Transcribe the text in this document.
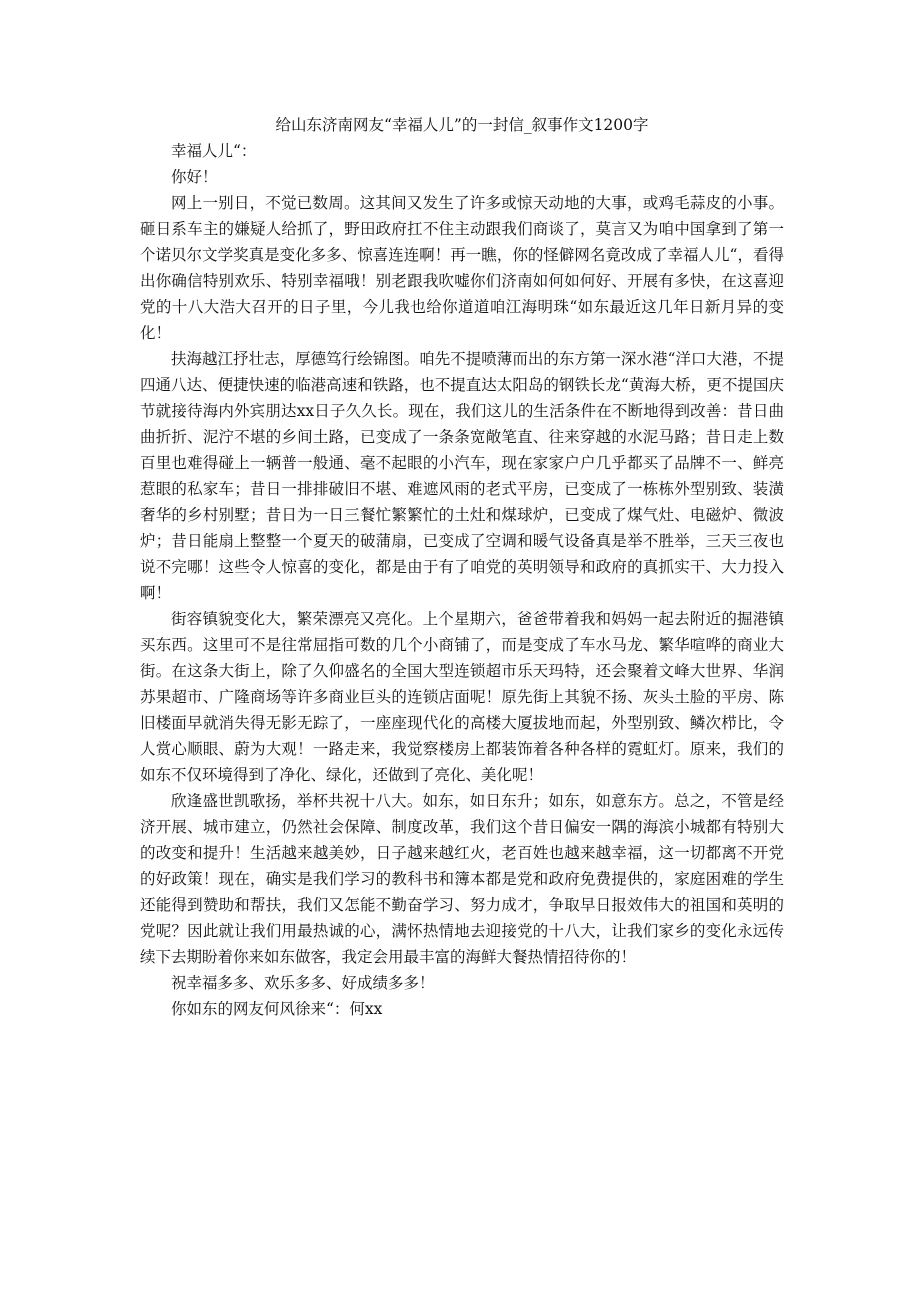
给山东济南网友“幸福人儿”的一封信_叙事作文1200字

幸福人儿“：

你好！

网上一别日，不觉已数周。这其间又发生了许多或惊天动地的大事，或鸡毛蒜皮的小事。砸日系车主的嫌疑人给抓了，野田政府扛不住主动跟我们商谈了，莫言又为咱中国拿到了第一个诺贝尔文学奖真是变化多多、惊喜连连啊！再一瞧，你的怪僻网名竟改成了幸福人儿“，看得出你确信特别欢乐、特别幸福哦！别老跟我吹嘘你们济南如何如何好、开展有多快，在这喜迎党的十八大浩大召开的日子里，今儿我也给你道道咱江海明珠“如东最近这几年日新月异的变化！

扶海越江抒壮志，厚德笃行绘锦图。咱先不提喷薄而出的东方第一深水港“洋口大港，不提四通八达、便捷快速的临港高速和铁路，也不提直达太阳岛的钢铁长龙“黄海大桥，更不提国庆节就接待海内外宾朋达xx日子久久长。现在，我们这儿的生活条件在不断地得到改善：昔日曲曲折折、泥泞不堪的乡间土路，已变成了一条条宽敞笔直、往来穿越的水泥马路；昔日走上数百里也难得碰上一辆普一般通、毫不起眼的小汽车，现在家家户户几乎都买了品牌不一、鲜亮惹眼的私家车；昔日一排排破旧不堪、难遮风雨的老式平房，已变成了一栋栋外型别致、装潢奢华的乡村别墅；昔日为一日三餐忙繁繁忙的土灶和煤球炉，已变成了煤气灶、电磁炉、微波炉；昔日能扇上整整一个夏天的破蒲扇，已变成了空调和暖气设备真是举不胜举，三天三夜也说不完哪！这些令人惊喜的变化，都是由于有了咱党的英明领导和政府的真抓实干、大力投入啊！

街容镇貌变化大，繁荣漂亮又亮化。上个星期六，爸爸带着我和妈妈一起去附近的掘港镇买东西。这里可不是往常屈指可数的几个小商铺了，而是变成了车水马龙、繁华喧哗的商业大街。在这条大街上，除了久仰盛名的全国大型连锁超市乐天玛特，还会聚着文峰大世界、华润苏果超市、广隆商场等许多商业巨头的连锁店面呢！原先街上其貌不扬、灰头土脸的平房、陈旧楼面早就消失得无影无踪了，一座座现代化的高楼大厦拔地而起，外型别致、鳞次栉比，令人赏心顺眼、蔚为大观！一路走来，我觉察楼房上都装饰着各种各样的霓虹灯。原来，我们的如东不仅环境得到了净化、绿化，还做到了亮化、美化呢！

欣逢盛世凯歌扬，举杯共祝十八大。如东，如日东升；如东，如意东方。总之，不管是经济开展、城市建立，仍然社会保障、制度改革，我们这个昔日偏安一隅的海滨小城都有特别大的改变和提升！生活越来越美妙，日子越来越红火，老百姓也越来越幸福，这一切都离不开党的好政策！现在，确实是我们学习的教科书和簿本都是党和政府免费提供的，家庭困难的学生还能得到赞助和帮扶，我们又怎能不勤奋学习、努力成才，争取早日报效伟大的祖国和英明的党呢？因此就让我们用最热诚的心，满怀热情地去迎接党的十八大，让我们家乡的变化永远传续下去期盼着你来如东做客，我定会用最丰富的海鲜大餐热情招待你的！

祝幸福多多、欢乐多多、好成绩多多！

你如东的网友何风徐来“：何xx
